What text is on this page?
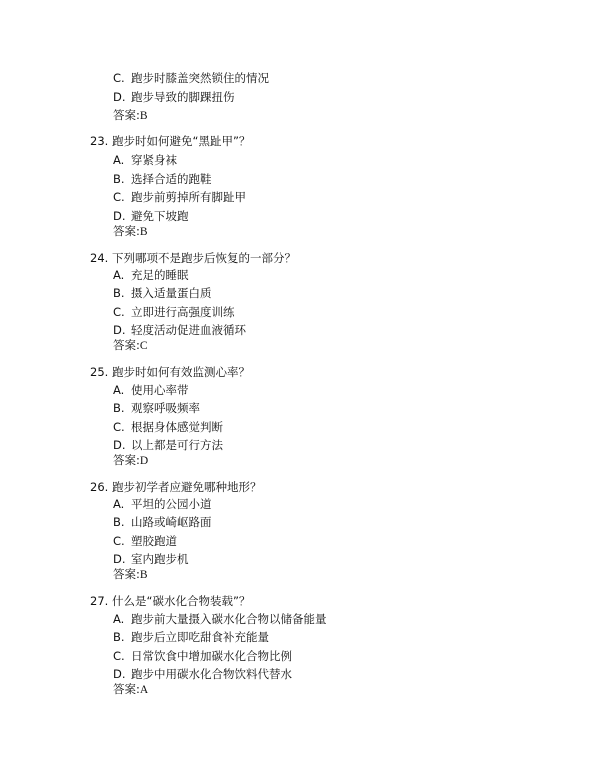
C. 跑步时膝盖突然锁住的情况
D. 跑步导致的脚踝扭伤
答案:B
23. 跑步时如何避免“黑趾甲”？
A. 穿紧身袜
B. 选择合适的跑鞋
C. 跑步前剪掉所有脚趾甲
D. 避免下坡跑
答案:B
24. 下列哪项不是跑步后恢复的一部分？
A. 充足的睡眠
B. 摄入适量蛋白质
C. 立即进行高强度训练
D. 轻度活动促进血液循环
答案:C
25. 跑步时如何有效监测心率？
A. 使用心率带
B. 观察呼吸频率
C. 根据身体感觉判断
D. 以上都是可行方法
答案:D
26. 跑步初学者应避免哪种地形？
A. 平坦的公园小道
B. 山路或崎岖路面
C. 塑胶跑道
D. 室内跑步机
答案:B
27. 什么是“碳水化合物装载”？
A. 跑步前大量摄入碳水化合物以储备能量
B. 跑步后立即吃甜食补充能量
C. 日常饮食中增加碳水化合物比例
D. 跑步中用碳水化合物饮料代替水
答案:A
